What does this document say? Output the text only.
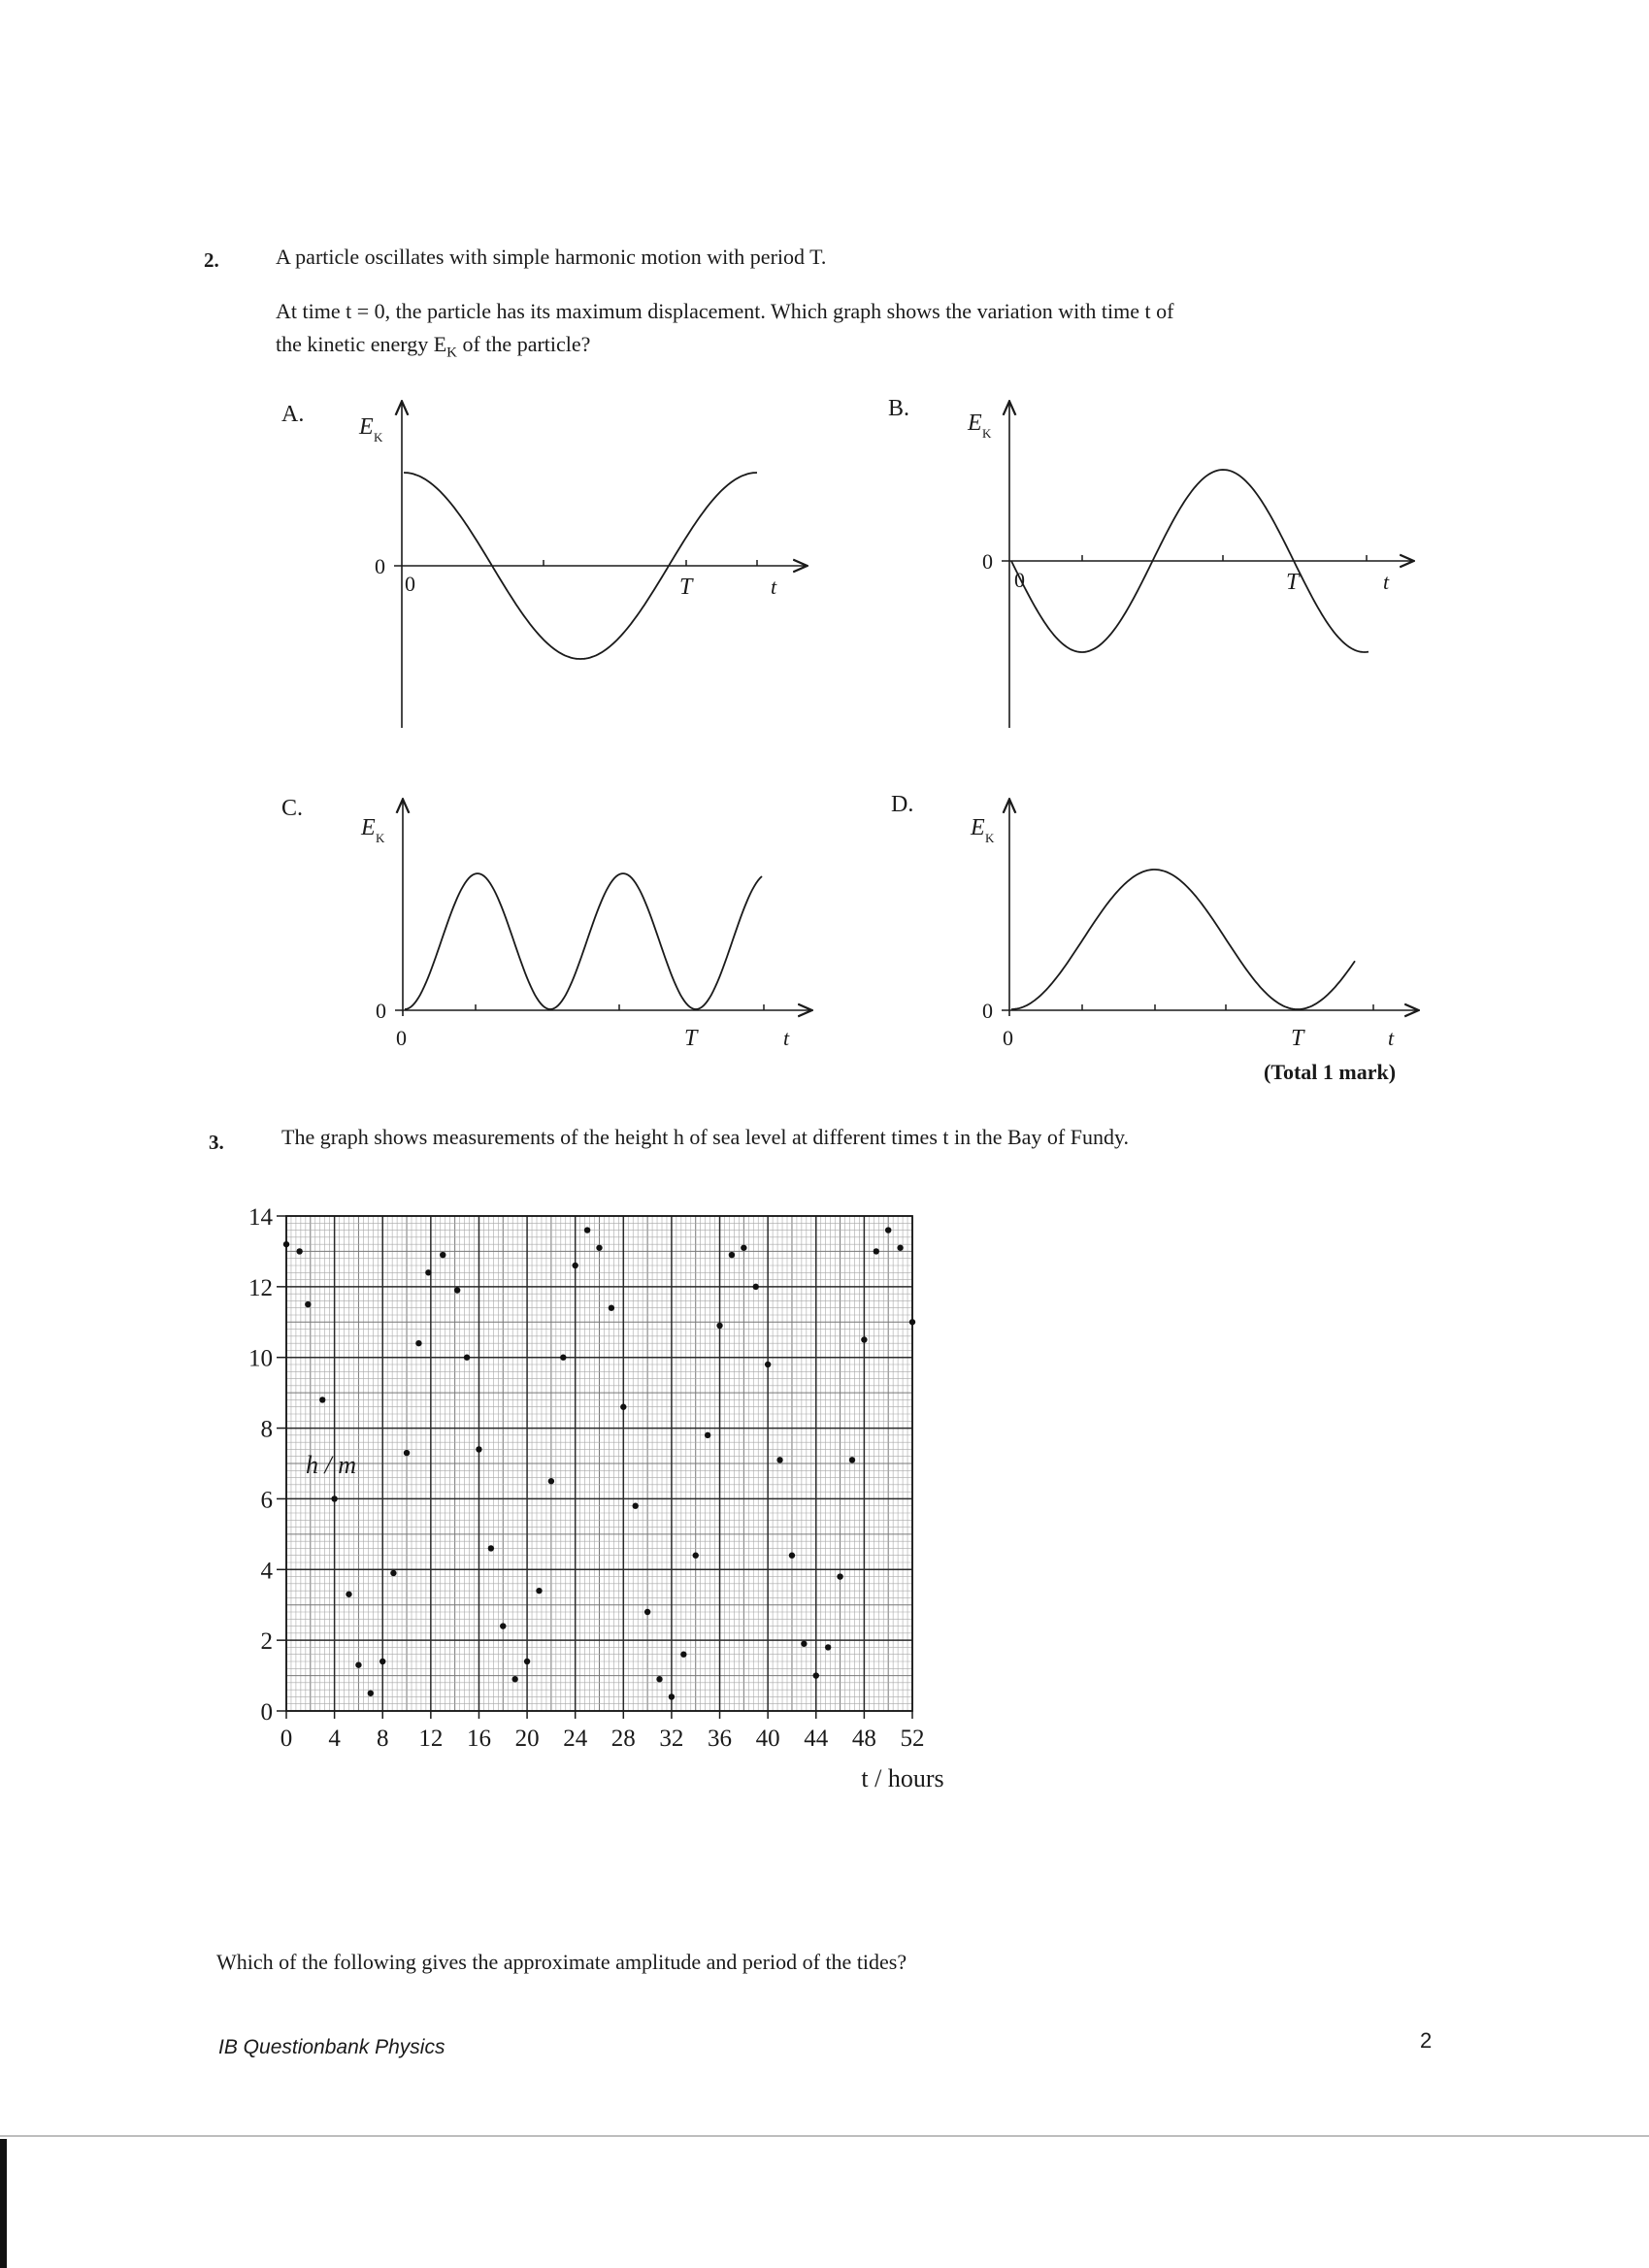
2.	A particle oscillates with simple harmonic motion with period T.
At time t = 0, the particle has its maximum displacement. Which graph shows the variation with time t of
the kinetic energy $E_K$ of the particle?
A.	B.
C.	D.
E K
0
0	T	t
E K
0
0	T	t
E K
0
0	T	t
E K
0
0	T	t
(Total 1 mark)
3.	The graph shows measurements of the height h of sea level at different times t in the Bay of Fundy.
0
2
4
6
8
10
12
14
0 4 8 12 16 20 24 28 32 36 40 44 48 52
h / m
t / hours
Which of the following gives the approximate amplitude and period of the tides?
IB Questionbank Physics	2
